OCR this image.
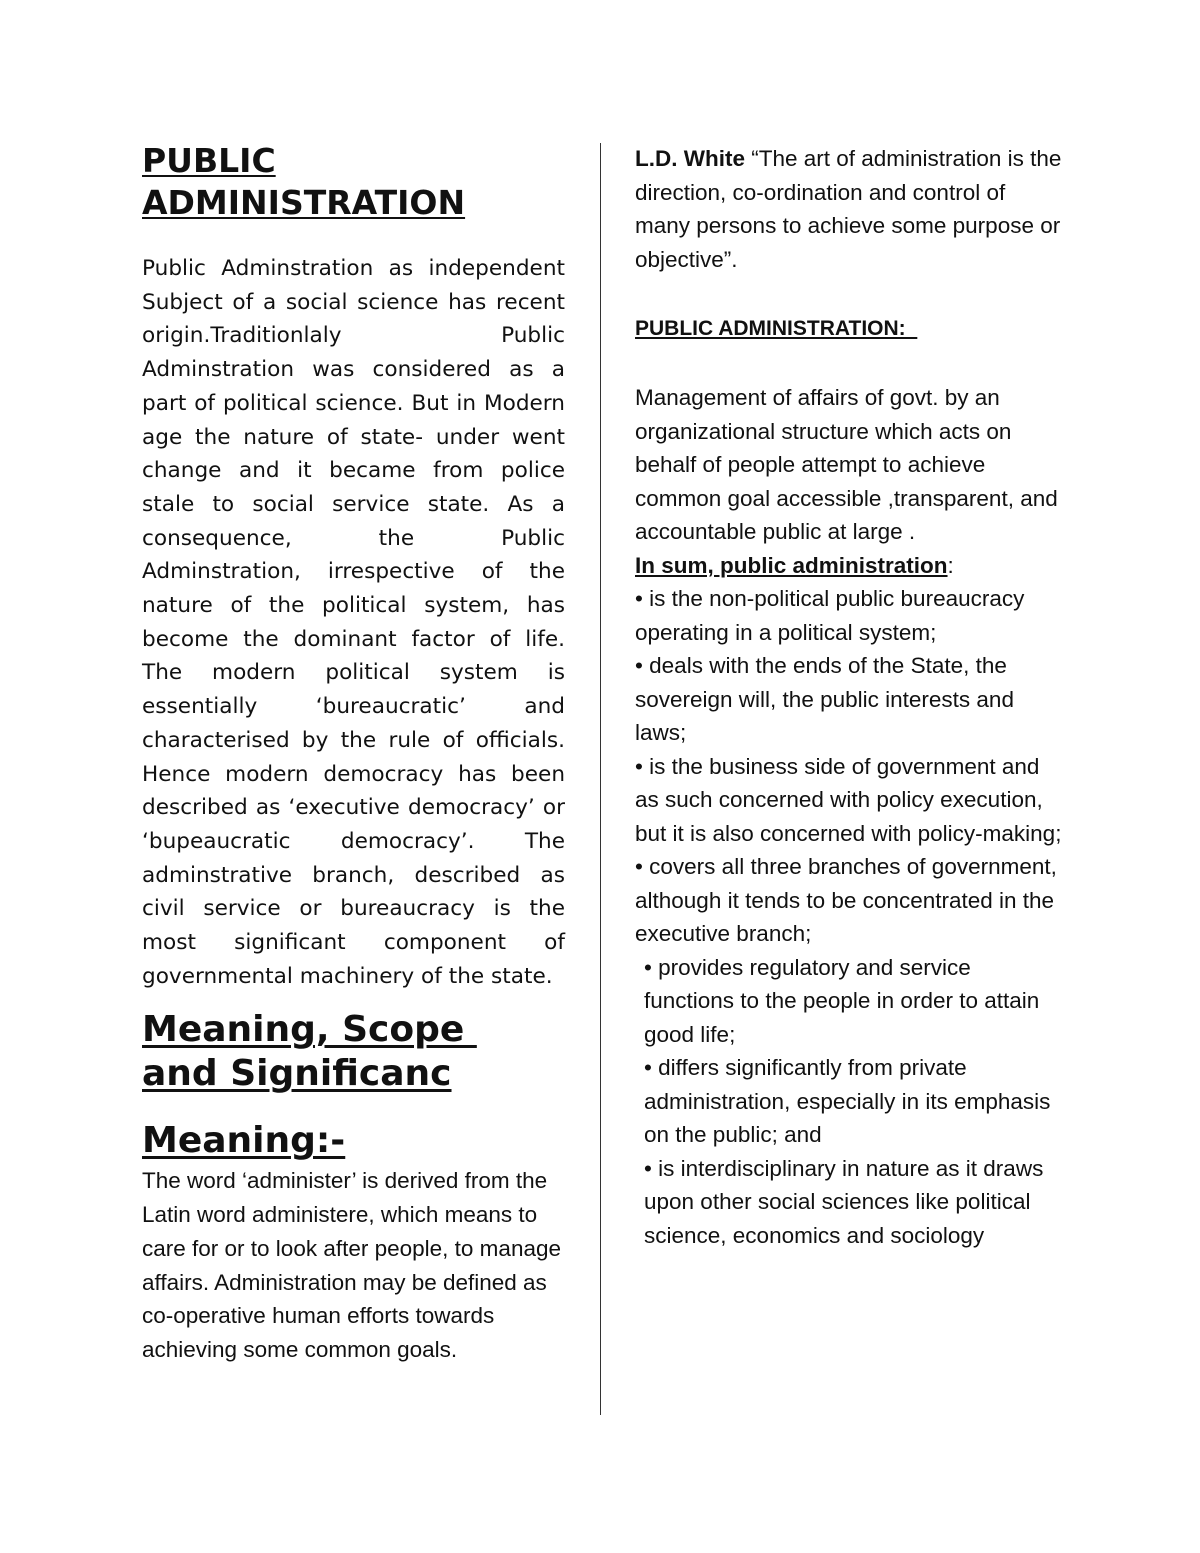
PUBLIC
ADMINISTRATION

Public Adminstration as independent Subject of a social science has recent origin.Traditionlaly Public Adminstration was considered as a part of political science. But in Modern age the nature of state- under went change and it became from police stale to social service state. As a consequence, the Public Adminstration, irrespective of the nature of the political system, has become the dominant factor of life. The modern political system is essentially ‘bureaucratic’ and characterised by the rule of officials. Hence modern democracy has been described as ‘executive democracy’ or ‘bupeaucratic democracy’. The adminstrative branch, described as civil service or bureaucracy is the most significant component of governmental machinery of the state.

Meaning, Scope
and Significanc
Meaning:-

The word ‘administer’ is derived from the Latin word administere, which means to care for or to look after people, to manage affairs. Administration may be defined as co-operative human efforts towards achieving some common goals.

L.D. White “The art of administration is the direction, co-ordination and control of many persons to achieve some purpose or objective”.

PUBLIC ADMINISTRATION:

Management of affairs of govt. by an organizational structure which acts on behalf of people attempt to achieve common goal accessible ,transparent, and accountable public at large .

In sum, public administration:

• is the non-political public bureaucracy operating in a political system;
• deals with the ends of the State, the sovereign will, the public interests and laws;
• is the business side of government and as such concerned with policy execution, but it is also concerned with policy-making;
• covers all three branches of government, although it tends to be concentrated in the executive branch;
• provides regulatory and service functions to the people in order to attain good life;
• differs significantly from private administration, especially in its emphasis on the public; and
• is interdisciplinary in nature as it draws upon other social sciences like political science, economics and sociology
